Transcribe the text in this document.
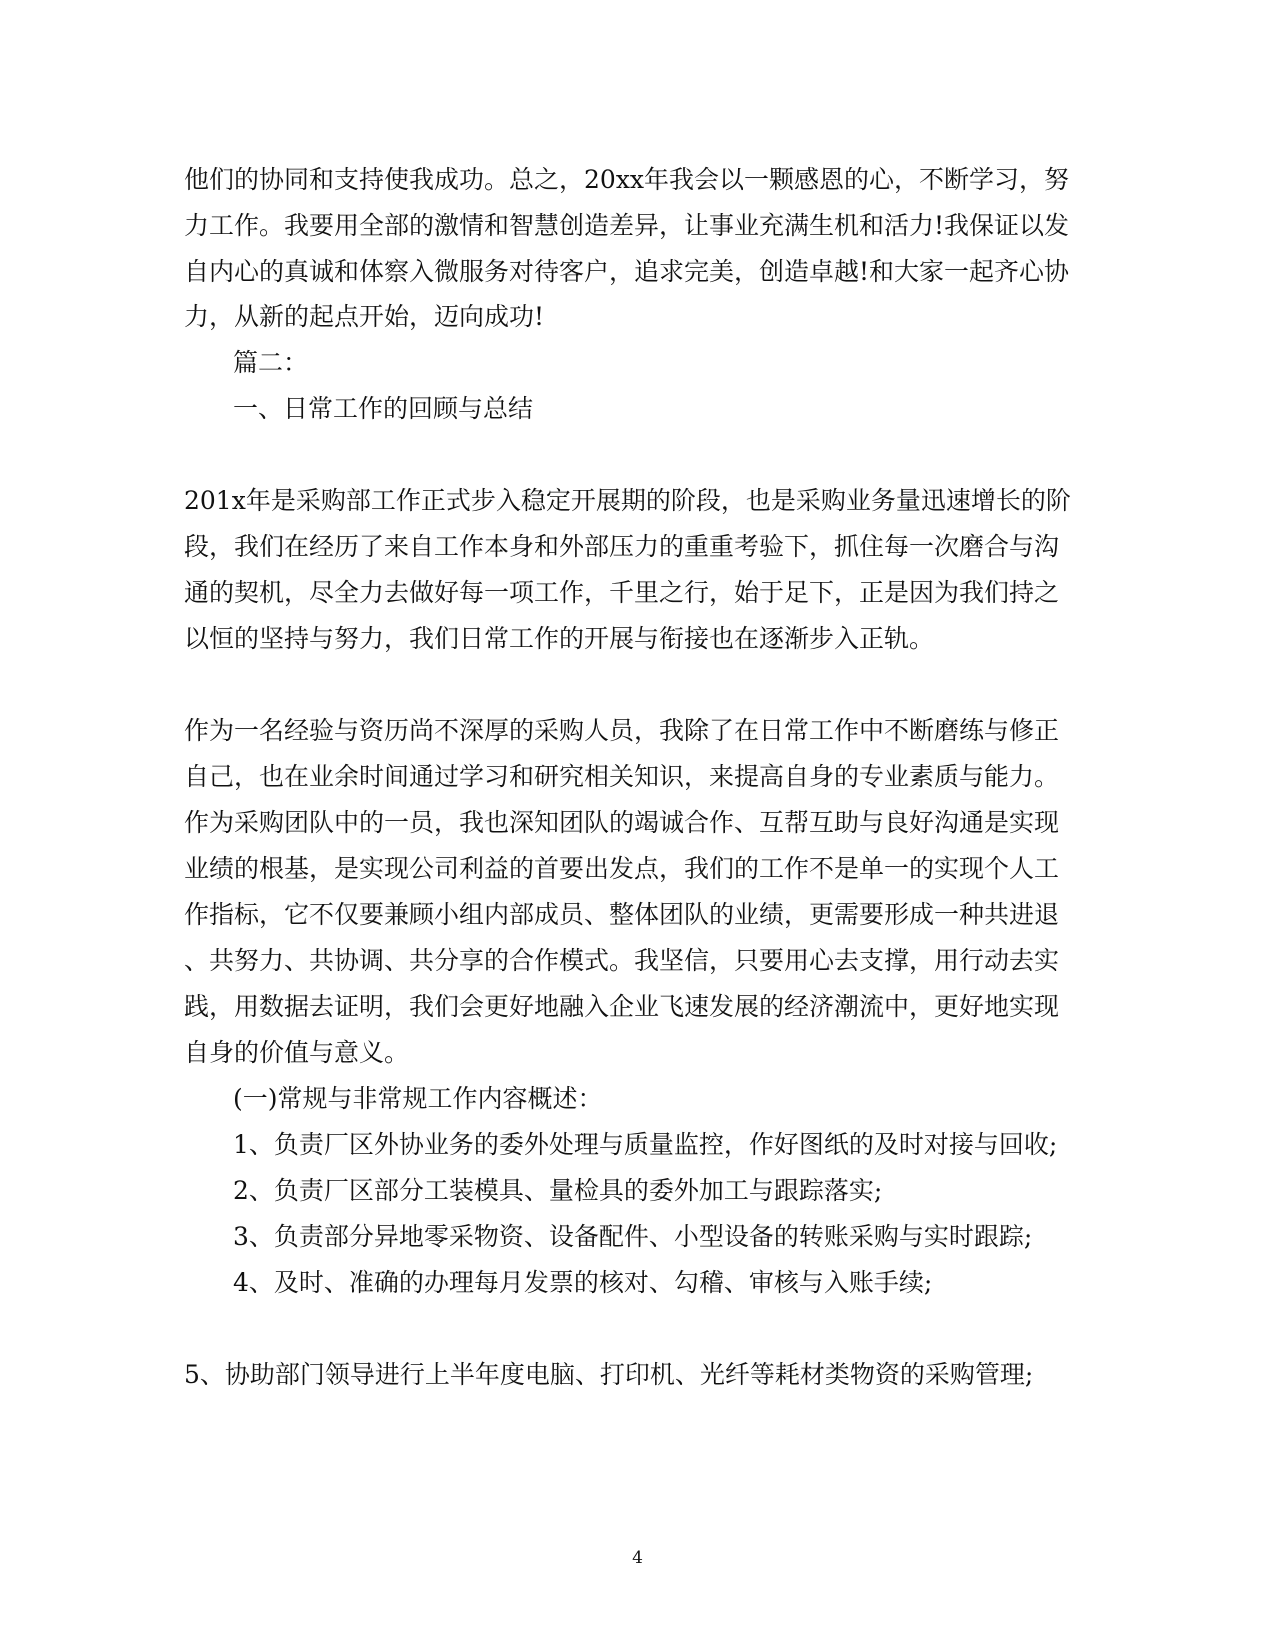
他们的协同和支持使我成功。总之，20xx年我会以一颗感恩的心，不断学习，努
力工作。我要用全部的激情和智慧创造差异，让事业充满生机和活力!我保证以发
自内心的真诚和体察入微服务对待客户，追求完美，创造卓越!和大家一起齐心协
力，从新的起点开始，迈向成功!
篇二：
一、日常工作的回顾与总结
201x年是采购部工作正式步入稳定开展期的阶段，也是采购业务量迅速增长的阶
段，我们在经历了来自工作本身和外部压力的重重考验下，抓住每一次磨合与沟
通的契机，尽全力去做好每一项工作，千里之行，始于足下，正是因为我们持之
以恒的坚持与努力，我们日常工作的开展与衔接也在逐渐步入正轨。
作为一名经验与资历尚不深厚的采购人员，我除了在日常工作中不断磨练与修正
自己，也在业余时间通过学习和研究相关知识，来提高自身的专业素质与能力。
作为采购团队中的一员，我也深知团队的竭诚合作、互帮互助与良好沟通是实现
业绩的根基，是实现公司利益的首要出发点，我们的工作不是单一的实现个人工
作指标，它不仅要兼顾小组内部成员、整体团队的业绩，更需要形成一种共进退
、共努力、共协调、共分享的合作模式。我坚信，只要用心去支撑，用行动去实
践，用数据去证明，我们会更好地融入企业飞速发展的经济潮流中，更好地实现
自身的价值与意义。
(一)常规与非常规工作内容概述：
1、负责厂区外协业务的委外处理与质量监控，作好图纸的及时对接与回收;
2、负责厂区部分工装模具、量检具的委外加工与跟踪落实;
3、负责部分异地零采物资、设备配件、小型设备的转账采购与实时跟踪;
4、及时、准确的办理每月发票的核对、勾稽、审核与入账手续;
5、协助部门领导进行上半年度电脑、打印机、光纤等耗材类物资的采购管理;
4
